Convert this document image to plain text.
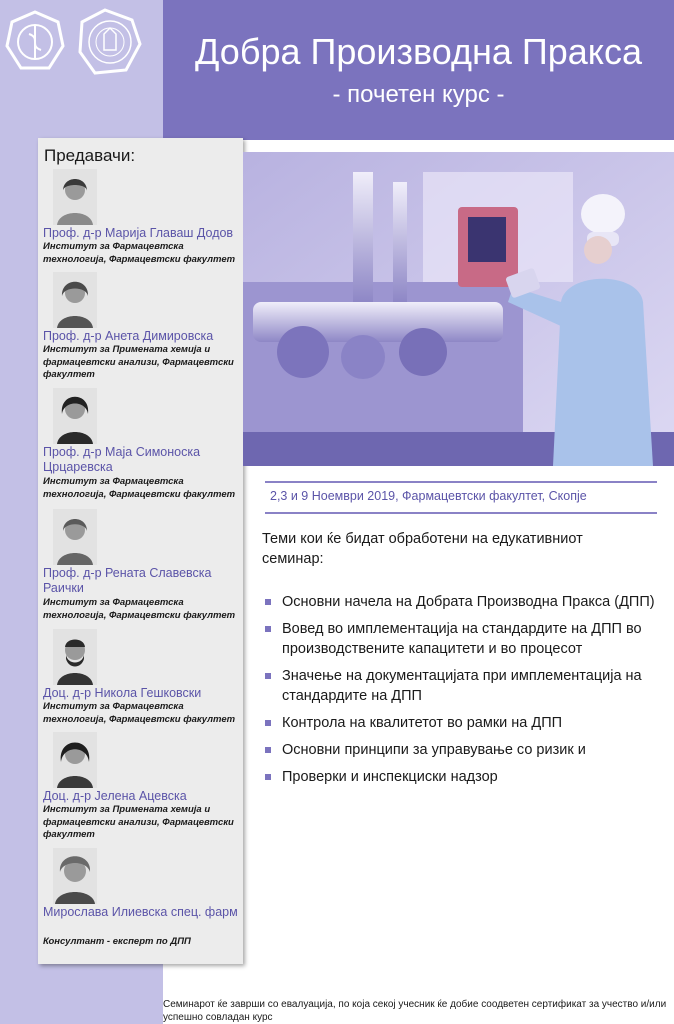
Добра Производна Пракса
- почетен курс -
Предавачи:
Проф. д-р Марија Главаш Додов
Институт за Фармацевтска технологија, Фармацевтски факултет
Проф. д-р Анета Димировска
Институт за Примената хемија и фармацевтски анализи, Фармацевтски факултет
Проф. д-р Маја Симоноска Црцаревска
Институт за Фармацевтска технологија, Фармацевтски факултет
Проф. д-р Рената Славевска Раички
Институт за Фармацевтска технологија, Фармацевтски факултет
Доц. д-р Никола Гешковски
Институт за Фармацевтска технологија, Фармацевтски факултет
Доц. д-р Јелена Ацевска
Институт за Примената хемија и фармацевтски анализи, Фармацевтски факултет
Мирослава Илиевска спец. фарм
Консултант - експерт по ДПП
2,3 и 9 Ноември 2019, Фармацевтски факултет, Скопје
Теми кои ќе бидат обработени на едукативниот семинар:
Основни начела на Добрата Производна Пракса (ДПП)
Вовед во имплементација на стандардите на ДПП во производствените капацитети и во процесот
Значење на документацијата при имплементација на стандардите на ДПП
Контрола на квалитетот во рамки на ДПП
Основни принципи за управување со ризик и
Проверки и инспекциски надзор
Семинарот ќе заврши со евалуација, по која секој учесник ќе добие соодветен сертификат за учество и/или успешно совладан курс
